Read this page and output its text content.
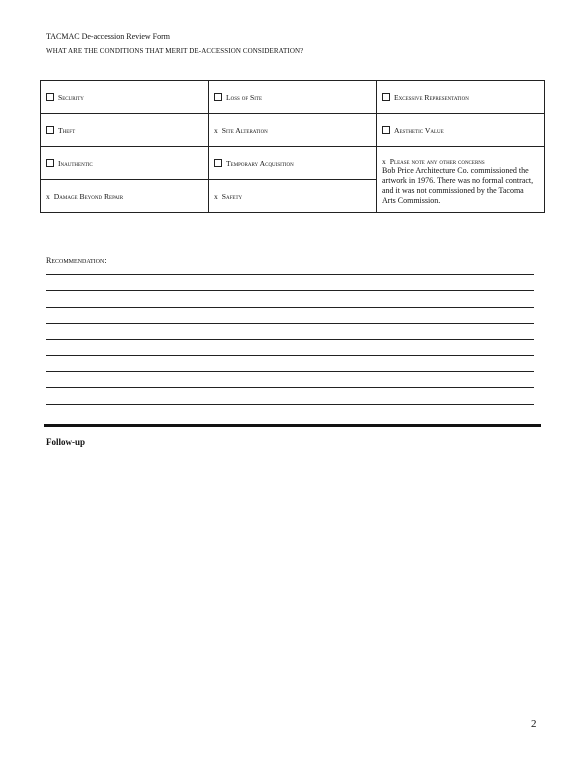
TACMAC De-accession Review Form
WHAT ARE THE CONDITIONS THAT MERIT DE-ACCESSION CONSIDERATION?
Security	Loss of Site	Excessive Representation
Theft	x Site Alteration	Aesthetic Value
Inauthentic	Temporary Acquisition	x Please note any other concerns
Bob Price Architecture Co. commissioned the artwork in 1976. There was no formal contract, and it was not commissioned by the Tacoma Arts Commission.

x Damage Beyond Repair	x Safety	
Recommendation:
Follow-up
2
